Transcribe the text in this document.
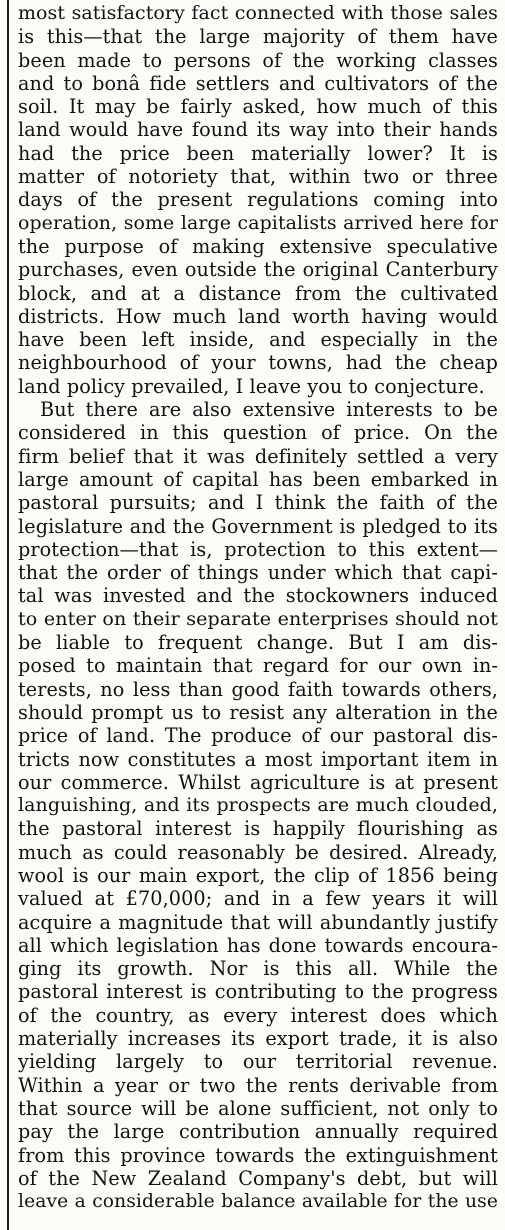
most satisfactory fact connected with those sales
is this—that the large majority of them have
been made to persons of the working classes
and to bonâ fide settlers and cultivators of the
soil. It may be fairly asked, how much of this
land would have found its way into their hands
had the price been materially lower? It is
matter of notoriety that, within two or three
days of the present regulations coming into
operation, some large capitalists arrived here for
the purpose of making extensive speculative
purchases, even outside the original Canterbury
block, and at a distance from the cultivated
districts. How much land worth having would
have been left inside, and especially in the
neighbourhood of your towns, had the cheap
land policy prevailed, I leave you to conjecture.
But there are also extensive interests to be
considered in this question of price. On the
firm belief that it was definitely settled a very
large amount of capital has been embarked in
pastoral pursuits; and I think the faith of the
legislature and the Government is pledged to its
protection—that is, protection to this extent—
that the order of things under which that capi-
tal was invested and the stockowners induced
to enter on their separate enterprises should not
be liable to frequent change. But I am dis-
posed to maintain that regard for our own in-
terests, no less than good faith towards others,
should prompt us to resist any alteration in the
price of land. The produce of our pastoral dis-
tricts now constitutes a most important item in
our commerce. Whilst agriculture is at present
languishing, and its prospects are much clouded,
the pastoral interest is happily flourishing as
much as could reasonably be desired. Already,
wool is our main export, the clip of 1856 being
valued at £70,000; and in a few years it will
acquire a magnitude that will abundantly justify
all which legislation has done towards encoura-
ging its growth. Nor is this all. While the
pastoral interest is contributing to the progress
of the country, as every interest does which
materially increases its export trade, it is also
yielding largely to our territorial revenue.
Within a year or two the rents derivable from
that source will be alone sufficient, not only to
pay the large contribution annually required
from this province towards the extinguishment
of the New Zealand Company's debt, but will
leave a considerable balance available for the use
